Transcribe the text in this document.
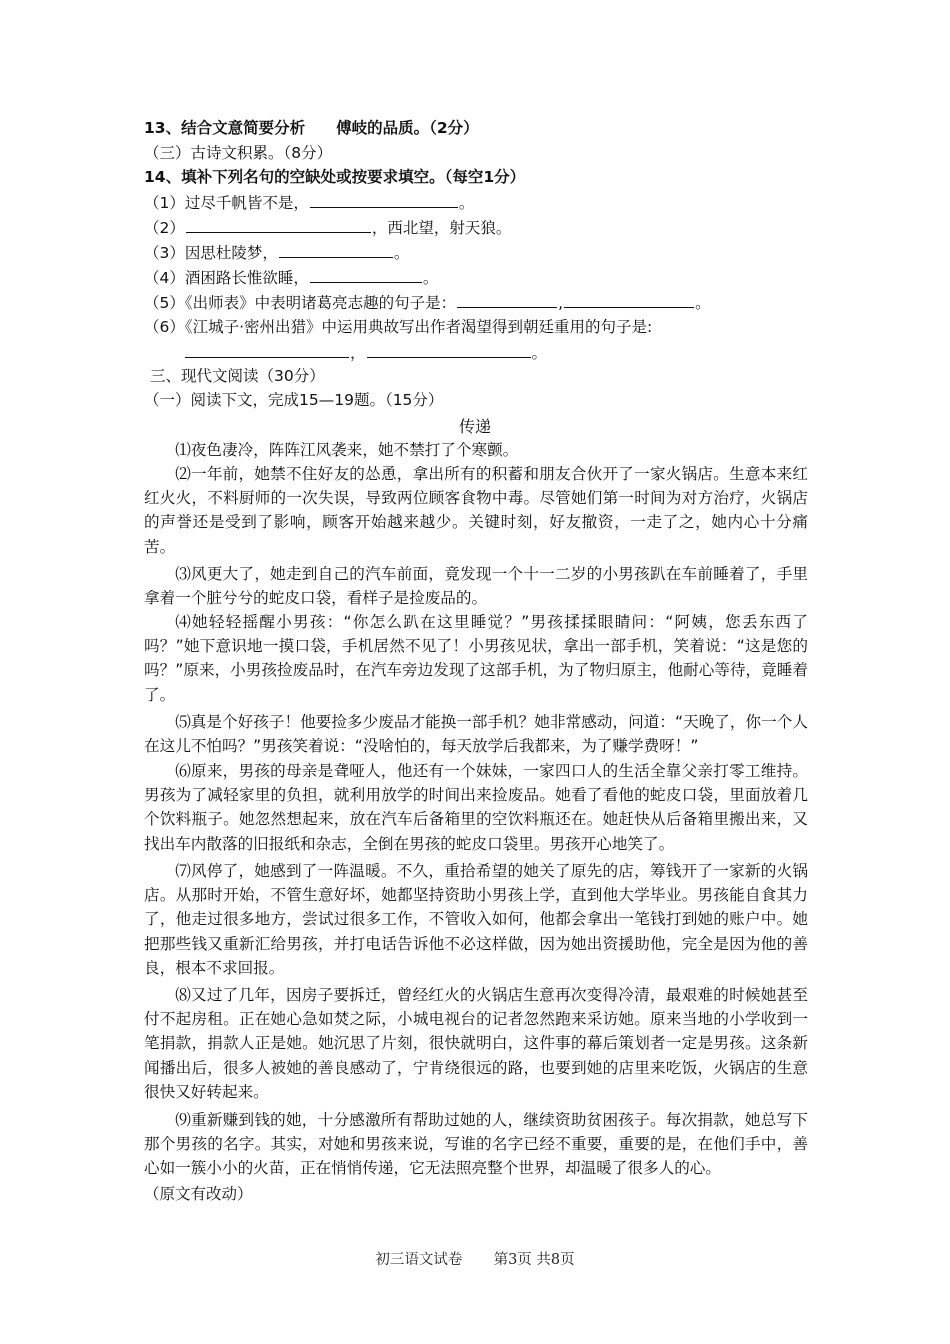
13、结合文意简要分析　　傅岐的品质。（2分）
（三）古诗文积累。（8分）
14、填补下列名句的空缺处或按要求填空。（每空1分）
（1）过尽千帆皆不是，	。
（2）	，西北望，射天狼。
（3）因思杜陵梦，	。
（4）酒困路长惟欲睡，	。
（5）《出师表》中表明诸葛亮志趣的句子是：	,	。
（6）《江城子·密州出猎》中运用典故写出作者渴望得到朝廷重用的句子是:
，	。
三、现代文阅读（30分）
（一）阅读下文，完成15—19题。（15分）
传递

⑴夜色凄冷，阵阵江风袭来，她不禁打了个寒颤。

⑵一年前，她禁不住好友的怂恿，拿出所有的积蓄和朋友合伙开了一家火锅店。生意本来红红火火，不料厨师的一次失误，导致两位顾客食物中毒。尽管她们第一时间为对方治疗，火锅店的声誉还是受到了影响，顾客开始越来越少。关键时刻，好友撤资，一走了之，她内心十分痛苦。

⑶风更大了，她走到自己的汽车前面，竟发现一个十一二岁的小男孩趴在车前睡着了，手里拿着一个脏兮兮的蛇皮口袋，看样子是捡废品的。

⑷她轻轻摇醒小男孩：“你怎么趴在这里睡觉？”男孩揉揉眼睛问：“阿姨，您丢东西了吗？”她下意识地一摸口袋，手机居然不见了！小男孩见状，拿出一部手机，笑着说：“这是您的吗？”原来，小男孩捡废品时，在汽车旁边发现了这部手机，为了物归原主，他耐心等待，竟睡着了。

⑸真是个好孩子！他要捡多少废品才能换一部手机？她非常感动，问道：“天晚了，你一个人在这儿不怕吗？”男孩笑着说：“没啥怕的，每天放学后我都来，为了赚学费呀！”

⑹原来，男孩的母亲是聋哑人，他还有一个妹妹，一家四口人的生活全靠父亲打零工维持。男孩为了减轻家里的负担，就利用放学的时间出来捡废品。她看了看他的蛇皮口袋，里面放着几个饮料瓶子。她忽然想起来，放在汽车后备箱里的空饮料瓶还在。她赶快从后备箱里搬出来，又找出车内散落的旧报纸和杂志，全倒在男孩的蛇皮口袋里。男孩开心地笑了。

⑺风停了，她感到了一阵温暖。不久，重拾希望的她关了原先的店，筹钱开了一家新的火锅店。从那时开始，不管生意好坏，她都坚持资助小男孩上学，直到他大学毕业。男孩能自食其力了，他走过很多地方，尝试过很多工作，不管收入如何，他都会拿出一笔钱打到她的账户中。她把那些钱又重新汇给男孩，并打电话告诉他不必这样做，因为她出资援助他，完全是因为他的善良，根本不求回报。

⑻又过了几年，因房子要拆迁，曾经红火的火锅店生意再次变得冷清，最艰难的时候她甚至付不起房租。正在她心急如焚之际，小城电视台的记者忽然跑来采访她。原来当地的小学收到一笔捐款，捐款人正是她。她沉思了片刻，很快就明白，这件事的幕后策划者一定是男孩。这条新闻播出后，很多人被她的善良感动了，宁肯绕很远的路，也要到她的店里来吃饭，火锅店的生意很快又好转起来。

⑼重新赚到钱的她，十分感激所有帮助过她的人，继续资助贫困孩子。每次捐款，她总写下那个男孩的名字。其实，对她和男孩来说，写谁的名字已经不重要，重要的是，在他们手中，善心如一簇小小的火苗，正在悄悄传递，它无法照亮整个世界，却温暖了很多人的心。

（原文有改动）
初三语文试卷 第3页 共8页
